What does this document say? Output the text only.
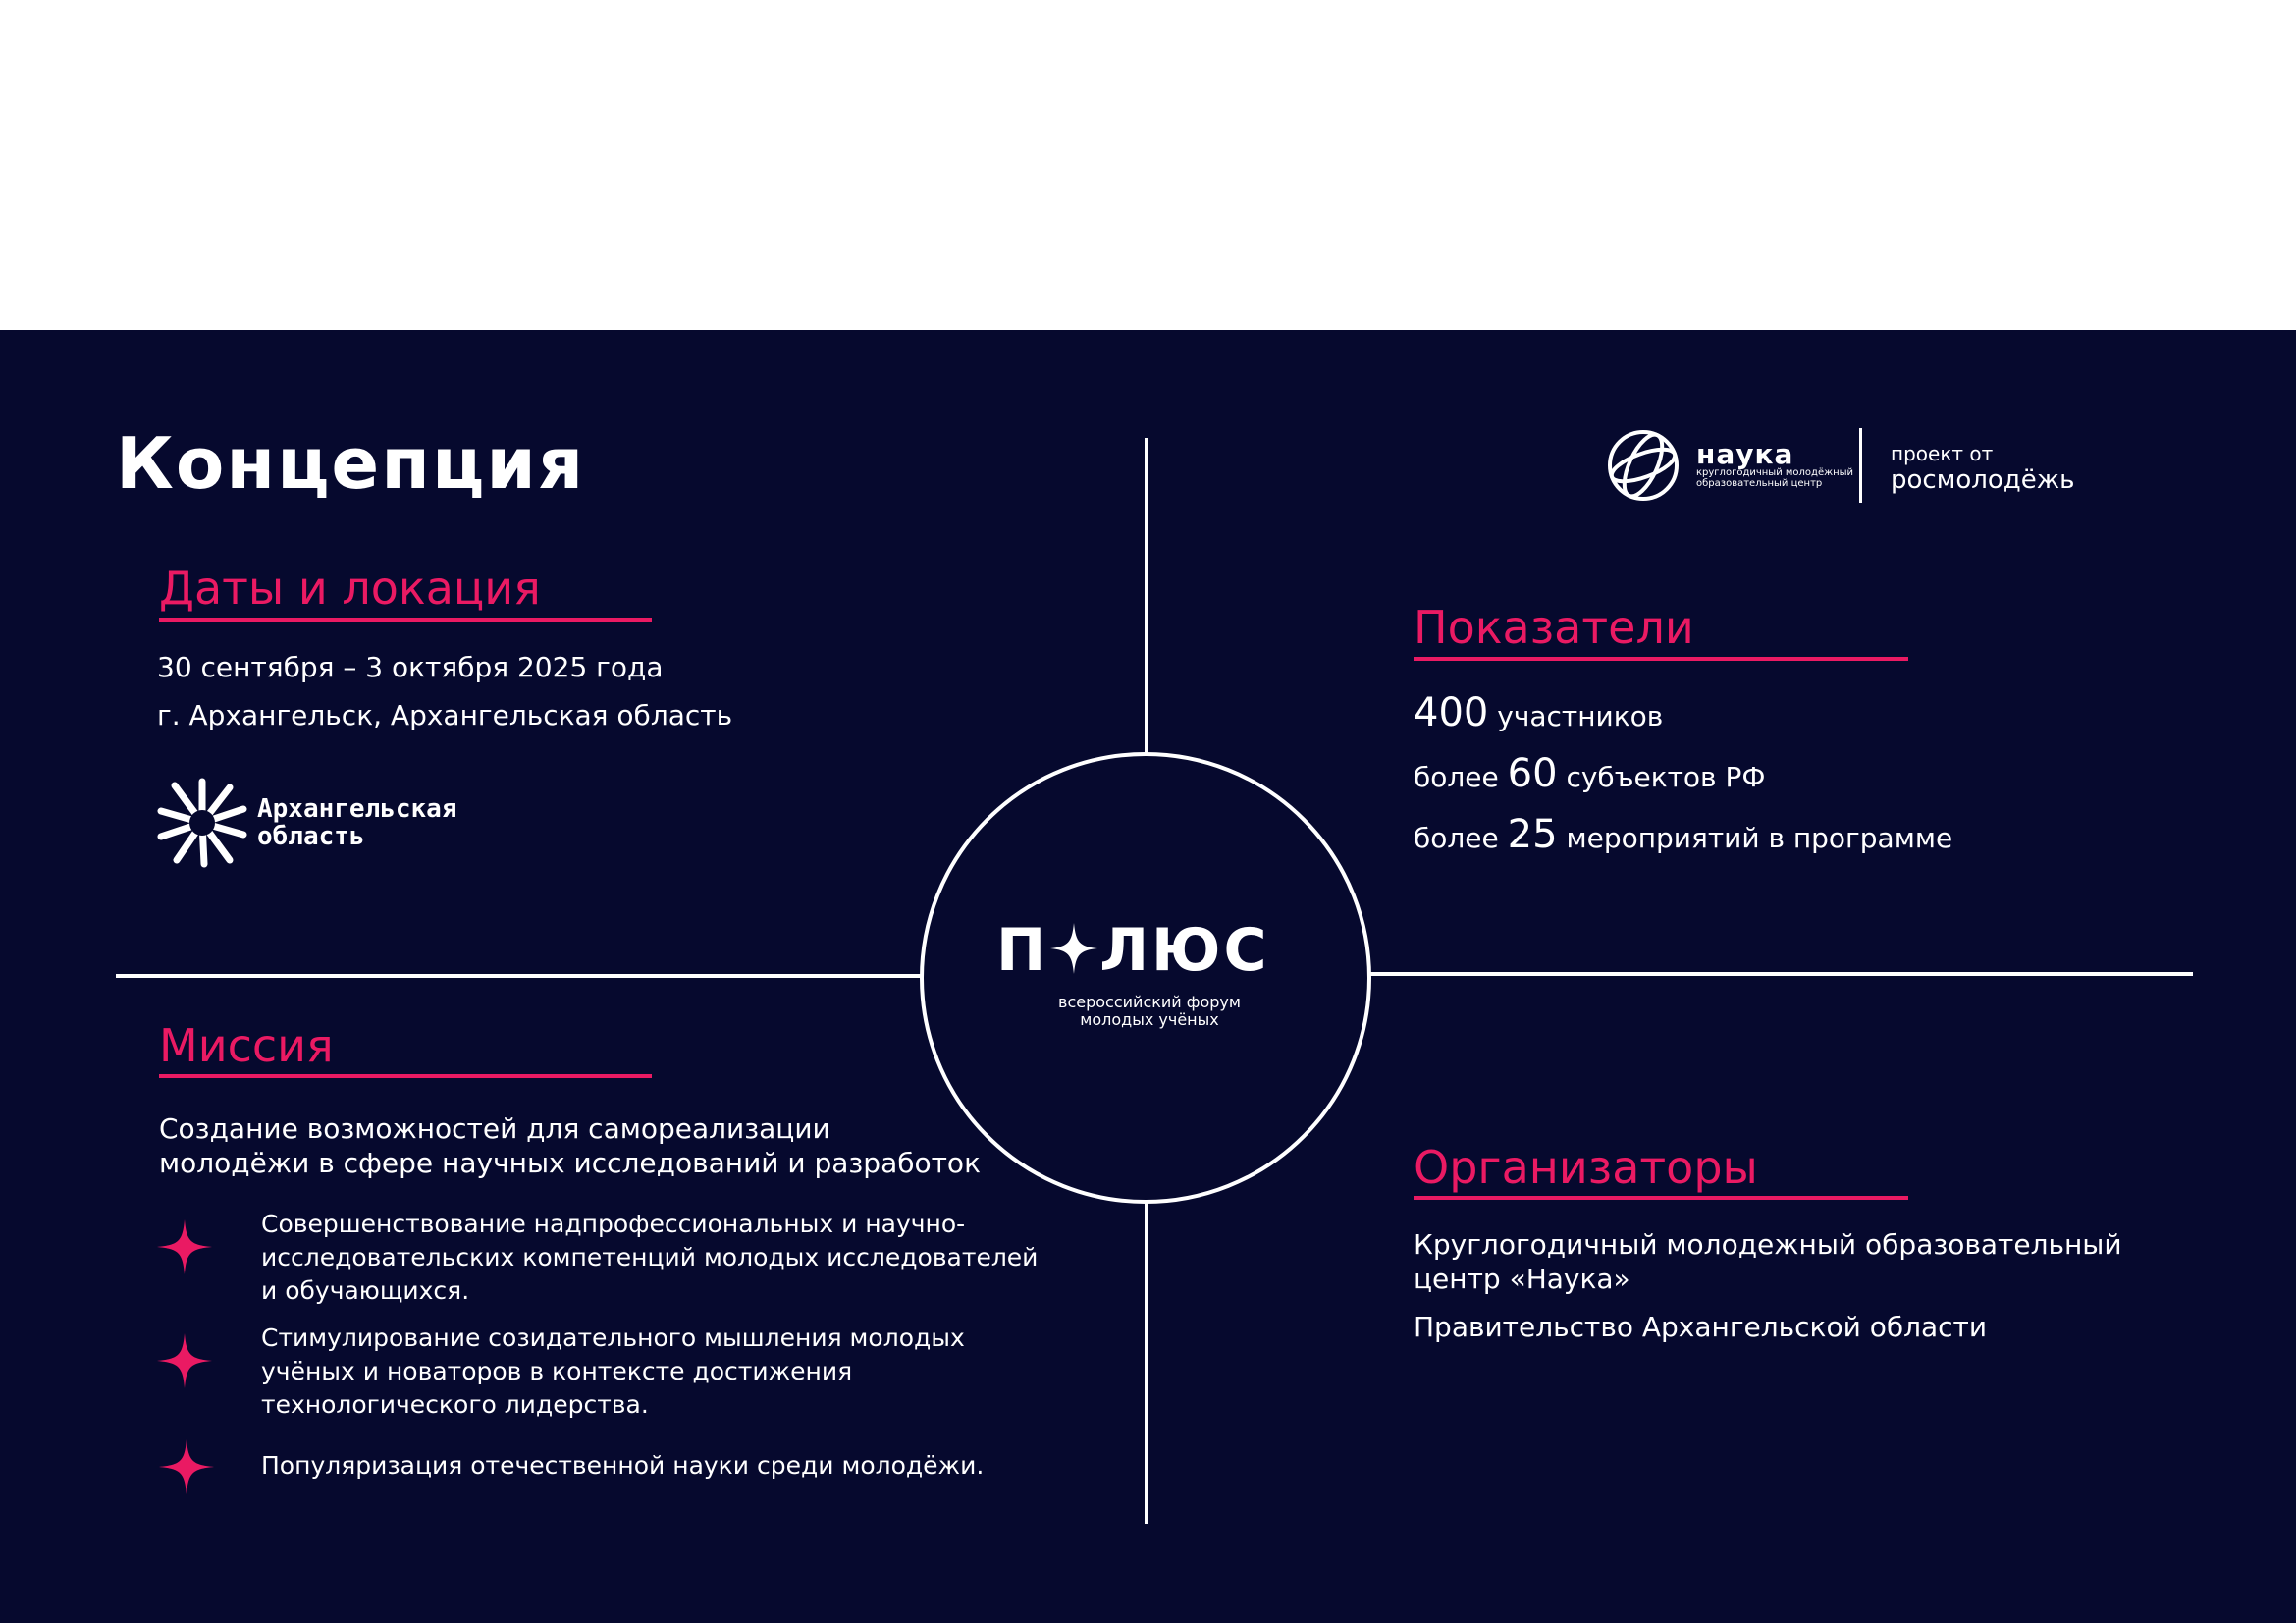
П ЛЮС
всероссийский форум
молодых учёных
Концепция
Даты и локация
30 сентября – 3 октября 2025 года
г. Архангельск, Архангельская область
Архангельская
область
Миссия
Создание возможностей для самореализации
молодёжи в сфере научных исследований и разработок
Совершенствование надпрофессиональных и научно-
исследовательских компетенций молодых исследователей
и обучающихся.
Стимулирование созидательного мышления молодых
учёных и новаторов в контексте достижения
технологического лидерства.
Популяризация отечественной науки среди молодёжи.
наука
круглогодичный молодёжный
образовательный центр
проект от
росмолодёжь
Показатели
400 участников
более 60 субъектов РФ
более 25 мероприятий в программе
Организаторы
Круглогодичный молодежный образовательный
центр «Наука»
Правительство Архангельской области
